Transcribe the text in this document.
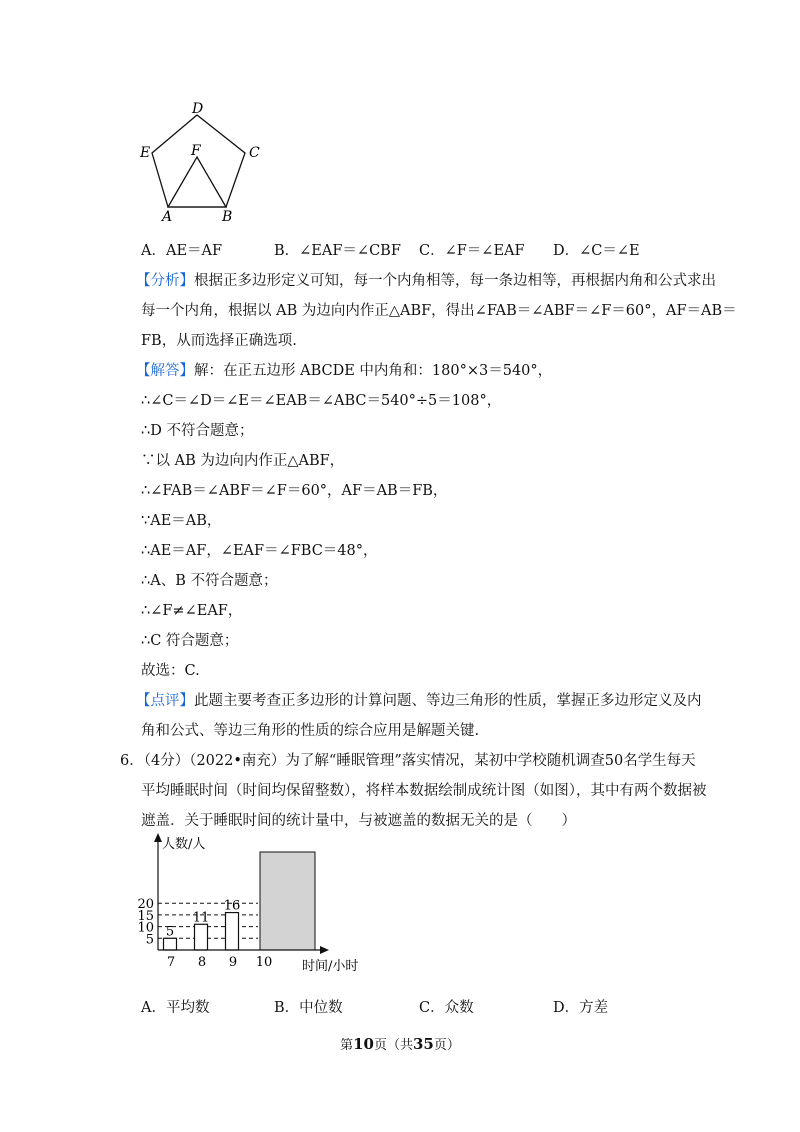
D
E	F	C
A	B
A．AE＝AF	B．∠EAF＝∠CBF C．∠F＝∠EAF D．∠C＝∠E
【分析】根据正多边形定义可知，每一个内角相等，每一条边相等，再根据内角和公式求出
每一个内角，根据以 AB 为边向内作正△ABF，得出∠FAB＝∠ABF＝∠F＝60°，AF＝AB＝
FB，从而选择正确选项.
【解答】解：在正五边形 ABCDE 中内角和：180°×3＝540°，
∴∠C＝∠D＝∠E＝∠EAB＝∠ABC＝540°÷5＝108°，
∴D 不符合题意；
∵以 AB 为边向内作正△ABF，
∴∠FAB＝∠ABF＝∠F＝60°，AF＝AB＝FB，
∵AE＝AB，
∴AE＝AF，∠EAF＝∠FBC＝48°，
∴A、B 不符合题意；
∴∠F≠∠EAF，
∴C 符合题意；
故选：C.
【点评】此题主要考查正多边形的计算问题、等边三角形的性质，掌握正多边形定义及内
角和公式、等边三角形的性质的综合应用是解题关键.
6．（4分）（2022•南充）为了解“睡眠管理”落实情况，某初中学校随机调查50名学生每天
平均睡眠时间（时间均保留整数），将样本数据绘制成统计图（如图），其中有两个数据被
遮盖．关于睡眠时间的统计量中，与被遮盖的数据无关的是（　　）
人数/人
时间/小时
5
10
15
20
7 8 9 10
5
11
16
A．平均数	B．中位数	C．众数	D．方差
第10页（共35页）
